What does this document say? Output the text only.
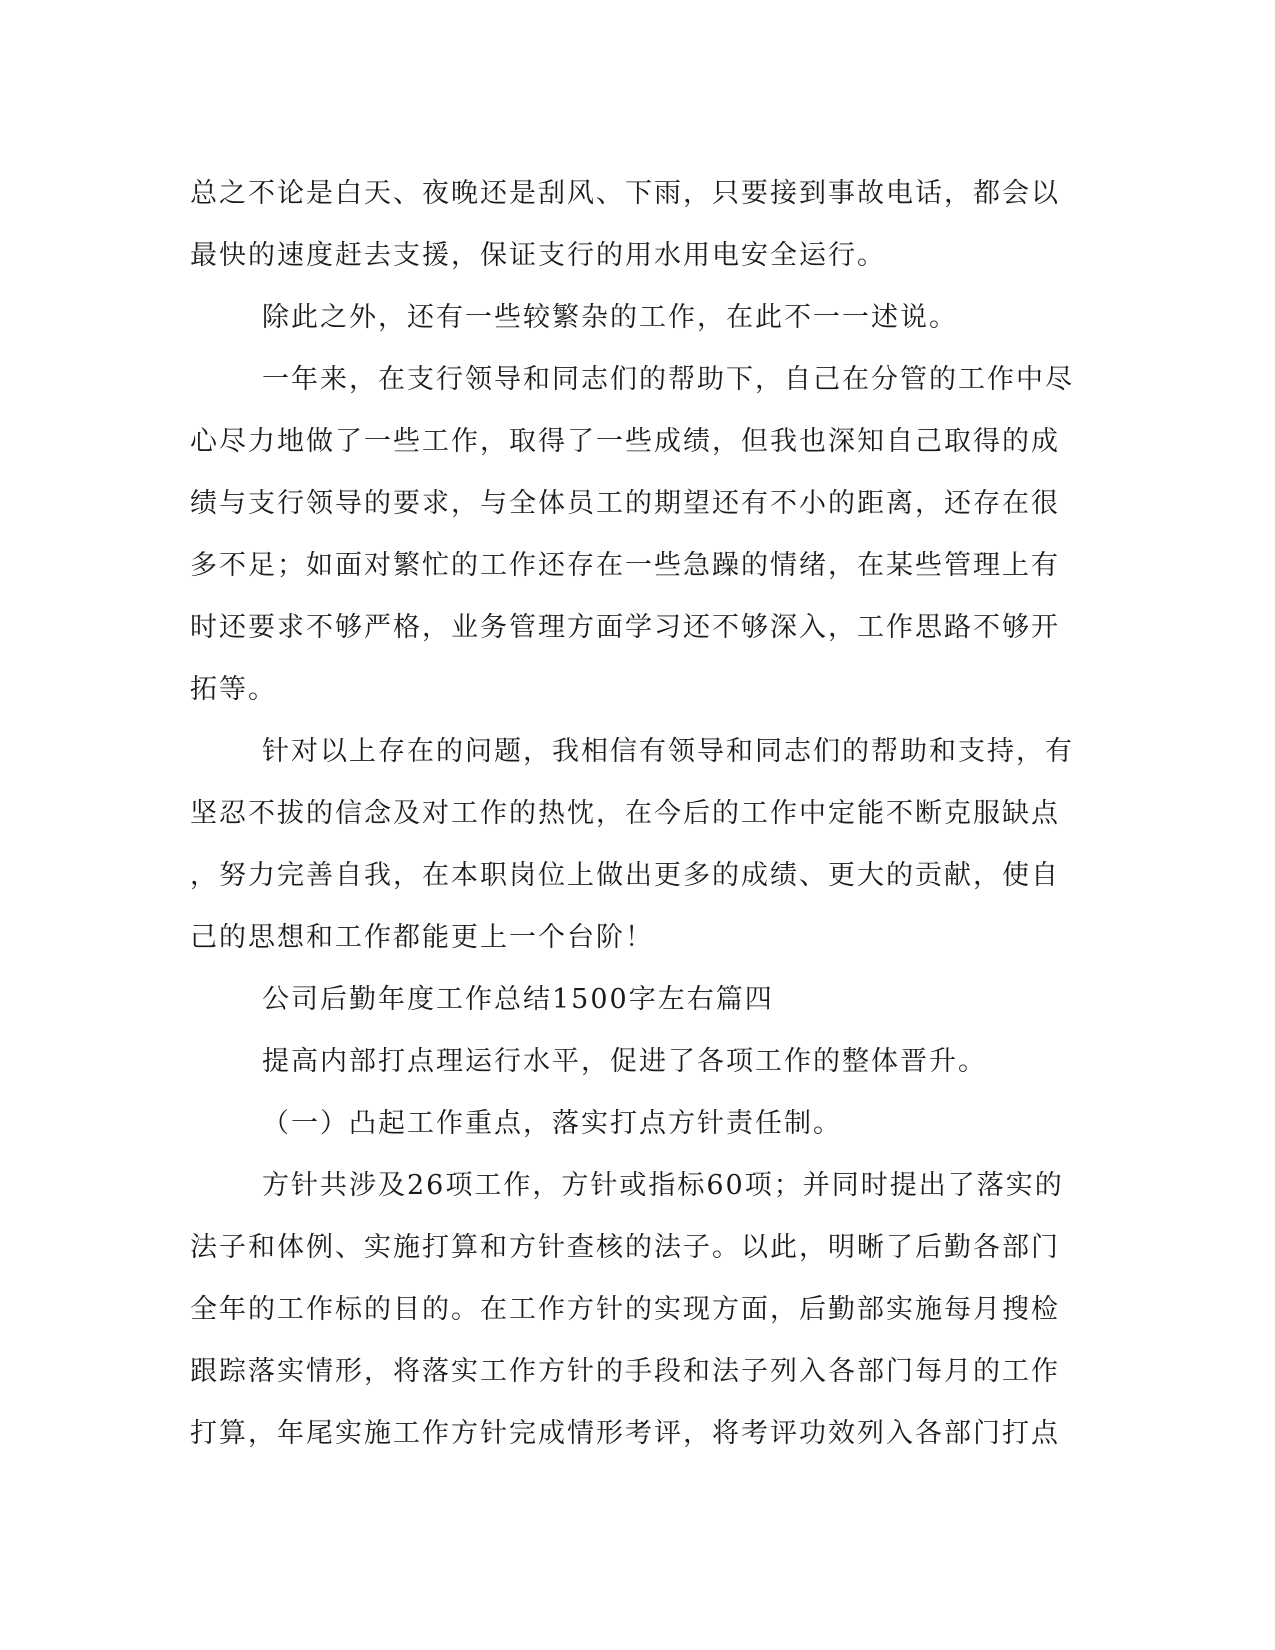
总之不论是白天、夜晚还是刮风、下雨，只要接到事故电话，都会以
最快的速度赶去支援，保证支行的用水用电安全运行。
除此之外，还有一些较繁杂的工作，在此不一一述说。
一年来，在支行领导和同志们的帮助下，自己在分管的工作中尽
心尽力地做了一些工作，取得了一些成绩，但我也深知自己取得的成
绩与支行领导的要求，与全体员工的期望还有不小的距离，还存在很
多不足；如面对繁忙的工作还存在一些急躁的情绪，在某些管理上有
时还要求不够严格，业务管理方面学习还不够深入，工作思路不够开
拓等。
针对以上存在的问题，我相信有领导和同志们的帮助和支持，有
坚忍不拔的信念及对工作的热忱，在今后的工作中定能不断克服缺点
，努力完善自我，在本职岗位上做出更多的成绩、更大的贡献，使自
己的思想和工作都能更上一个台阶！
公司后勤年度工作总结1500字左右篇四
提高内部打点理运行水平，促进了各项工作的整体晋升。
（一）凸起工作重点，落实打点方针责任制。
方针共涉及26项工作，方针或指标60项；并同时提出了落实的
法子和体例、实施打算和方针查核的法子。以此，明晰了后勤各部门
全年的工作标的目的。在工作方针的实现方面，后勤部实施每月搜检
跟踪落实情形，将落实工作方针的手段和法子列入各部门每月的工作
打算，年尾实施工作方针完成情形考评，将考评功效列入各部门打点
